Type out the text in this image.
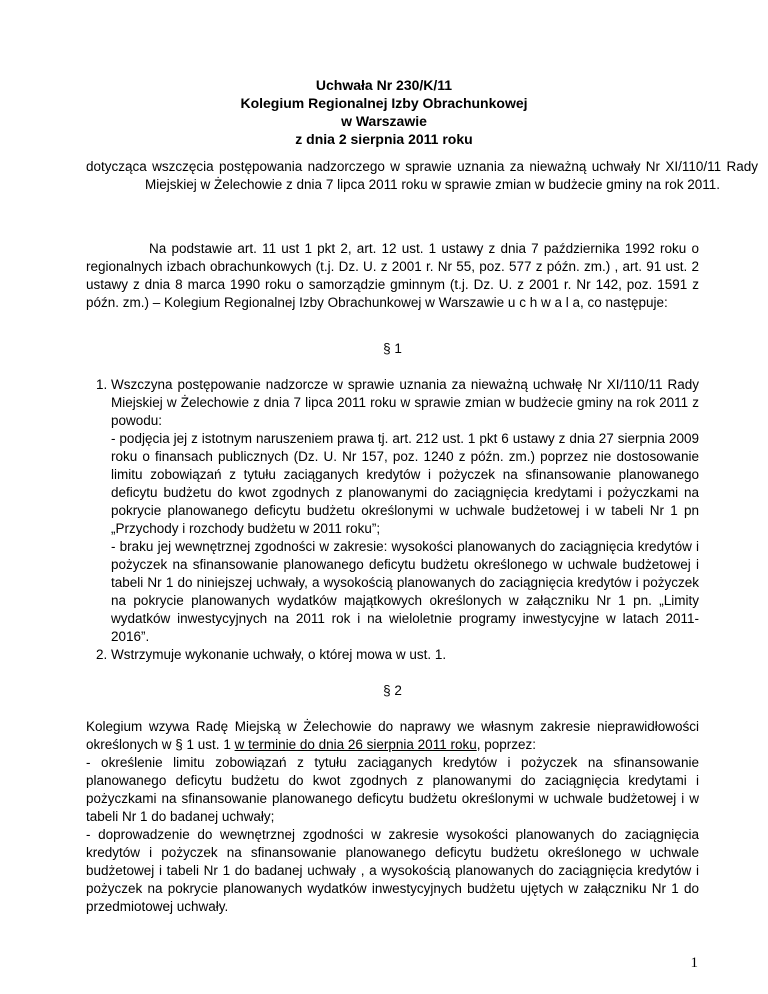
Uchwała Nr 230/K/11
Kolegium Regionalnej Izby Obrachunkowej
w Warszawie
z dnia 2 sierpnia 2011 roku
dotycząca wszczęcia postępowania nadzorczego w sprawie uznania za nieważną uchwały Nr XI/110/11 Rady Miejskiej w Żelechowie z dnia 7 lipca 2011 roku w sprawie zmian w budżecie gminy na rok 2011.
Na podstawie art. 11 ust 1 pkt 2, art. 12 ust. 1 ustawy z dnia 7 października 1992 roku o regionalnych izbach obrachunkowych (t.j. Dz. U. z 2001 r. Nr 55, poz. 577 z późn. zm.) , art. 91 ust. 2 ustawy z dnia 8 marca 1990 roku o samorządzie gminnym (t.j. Dz. U. z 2001 r. Nr 142, poz. 1591 z późn. zm.) – Kolegium Regionalnej Izby Obrachunkowej w Warszawie u c h w a l a, co następuje:
§ 1
1. Wszczyna postępowanie nadzorcze w sprawie uznania za nieważną uchwałę Nr XI/110/11 Rady Miejskiej w Żelechowie z dnia 7 lipca 2011 roku w sprawie zmian w budżecie gminy na rok 2011 z powodu:
- podjęcia jej z istotnym naruszeniem prawa tj. art. 212 ust. 1 pkt 6 ustawy z dnia 27 sierpnia 2009 roku o finansach publicznych (Dz. U. Nr 157, poz. 1240 z późn. zm.) poprzez nie dostosowanie limitu zobowiązań z tytułu zaciąganych kredytów i pożyczek na sfinansowanie planowanego deficytu budżetu do kwot zgodnych z planowanymi do zaciągnięcia kredytami i pożyczkami na pokrycie planowanego deficytu budżetu określonymi w uchwale budżetowej i w tabeli Nr 1 pn „Przychody i rozchody budżetu w 2011 roku”;
- braku jej wewnętrznej zgodności w zakresie: wysokości planowanych do zaciągnięcia kredytów i pożyczek na sfinansowanie planowanego deficytu budżetu określonego w uchwale budżetowej i tabeli Nr 1 do niniejszej uchwały, a wysokością planowanych do zaciągnięcia kredytów i pożyczek na pokrycie planowanych wydatków majątkowych określonych w załączniku Nr 1 pn. „Limity wydatków inwestycyjnych na 2011 rok i na wieloletnie programy inwestycyjne w latach 2011-2016”.
2. Wstrzymuje wykonanie uchwały, o której mowa w ust. 1.
§ 2
Kolegium wzywa Radę Miejską w Żelechowie do naprawy we własnym zakresie nieprawidłowości określonych w § 1 ust. 1 w terminie do dnia 26 sierpnia 2011 roku, poprzez:
- określenie limitu zobowiązań z tytułu zaciąganych kredytów i pożyczek na sfinansowanie planowanego deficytu budżetu do kwot zgodnych z planowanymi do zaciągnięcia kredytami i pożyczkami na sfinansowanie planowanego deficytu budżetu określonymi w uchwale budżetowej i w tabeli Nr 1 do badanej uchwały;
- doprowadzenie do wewnętrznej zgodności w zakresie wysokości planowanych do zaciągnięcia kredytów i pożyczek na sfinansowanie planowanego deficytu budżetu określonego w uchwale budżetowej i tabeli Nr 1 do badanej uchwały , a wysokością planowanych do zaciągnięcia kredytów i pożyczek na pokrycie planowanych wydatków inwestycyjnych budżetu ujętych w załączniku Nr 1 do przedmiotowej uchwały.
1
